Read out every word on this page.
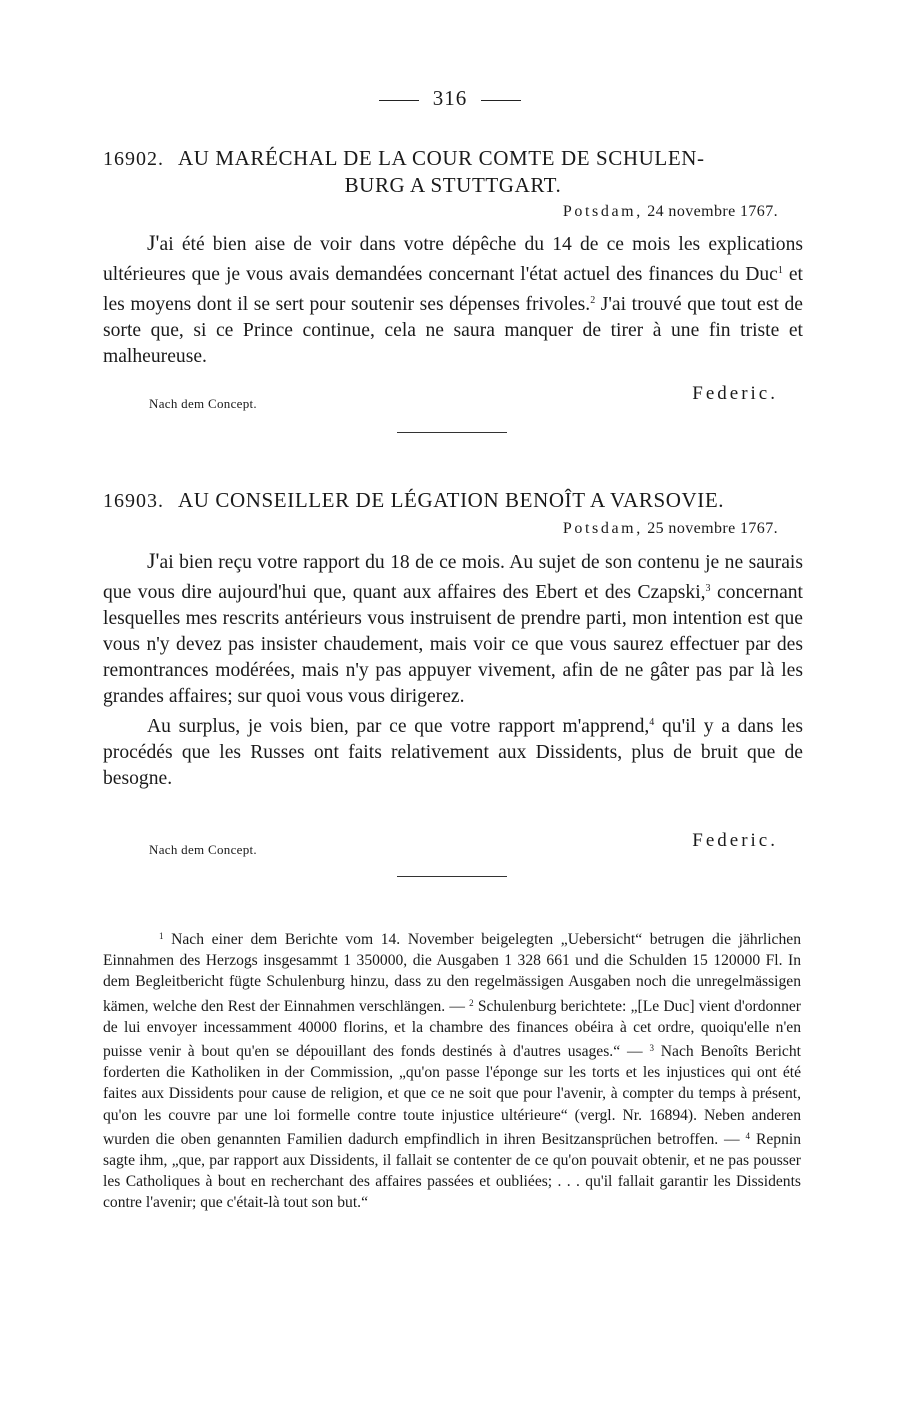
316
16902. AU MARÉCHAL DE LA COUR COMTE DE SCHULEN-
BURG A STUTTGART.
Potsdam, 24 novembre 1767.

J'ai été bien aise de voir dans votre dépêche du 14 de ce mois les explications ultérieures que je vous avais demandées concernant l'état actuel des finances du Duc$^1$ et les moyens dont il se sert pour soutenir ses dépenses frivoles.$^2$ J'ai trouvé que tout est de sorte que, si ce Prince continue, cela ne saura manquer de tirer à une fin triste et malheureuse.

Nach dem Concept.	Federic.
16903. AU CONSEILLER DE LÉGATION BENOÎT A VARSOVIE.
Potsdam, 25 novembre 1767.

J'ai bien reçu votre rapport du 18 de ce mois. Au sujet de son contenu je ne saurais que vous dire aujourd'hui que, quant aux affaires des Ebert et des Czapski,$^3$ concernant lesquelles mes rescrits antérieurs vous instruisent de prendre parti, mon intention est que vous n'y devez pas insister chaudement, mais voir ce que vous saurez effectuer par des remontrances modérées, mais n'y pas appuyer vivement, afin de ne gâter pas par là les grandes affaires; sur quoi vous vous dirigerez.

Au surplus, je vois bien, par ce que votre rapport m'apprend,$^4$ qu'il y a dans les procédés que les Russes ont faits relativement aux Dissidents, plus de bruit que de besogne.

Nach dem Concept.	Federic.

$^1$ Nach einer dem Berichte vom 14. November beigelegten „Uebersicht“ betrugen die jährlichen Einnahmen des Herzogs insgesammt 1 350000, die Ausgaben 1 328 661 und die Schulden 15 120000 Fl. In dem Begleitbericht fügte Schulenburg hinzu, dass zu den regelmässigen Ausgaben noch die unregelmässigen kämen, welche den Rest der Einnahmen verschlängen. — $^2$ Schulenburg berichtete: „[Le Duc] vient d'ordonner de lui envoyer incessamment 40000 florins, et la chambre des finances obéira à cet ordre, quoiqu'elle n'en puisse venir à bout qu'en se dépouillant des fonds destinés à d'autres usages.“ — $^3$ Nach Benoîts Bericht forderten die Katholiken in der Commission, „qu'on passe l'éponge sur les torts et les injustices qui ont été faites aux Dissidents pour cause de religion, et que ce ne soit que pour l'avenir, à compter du temps à présent, qu'on les couvre par une loi formelle contre toute injustice ultérieure“ (vergl. Nr. 16894). Neben anderen wurden die oben genannten Familien dadurch empfindlich in ihren Besitzansprüchen betroffen. — $^4$ Repnin sagte ihm, „que, par rapport aux Dissidents, il fallait se contenter de ce qu'on pouvait obtenir, et ne pas pousser les Catholiques à bout en recherchant des affaires passées et oubliées; . . . qu'il fallait garantir les Dissidents contre l'avenir; que c'était-là tout son but.“
